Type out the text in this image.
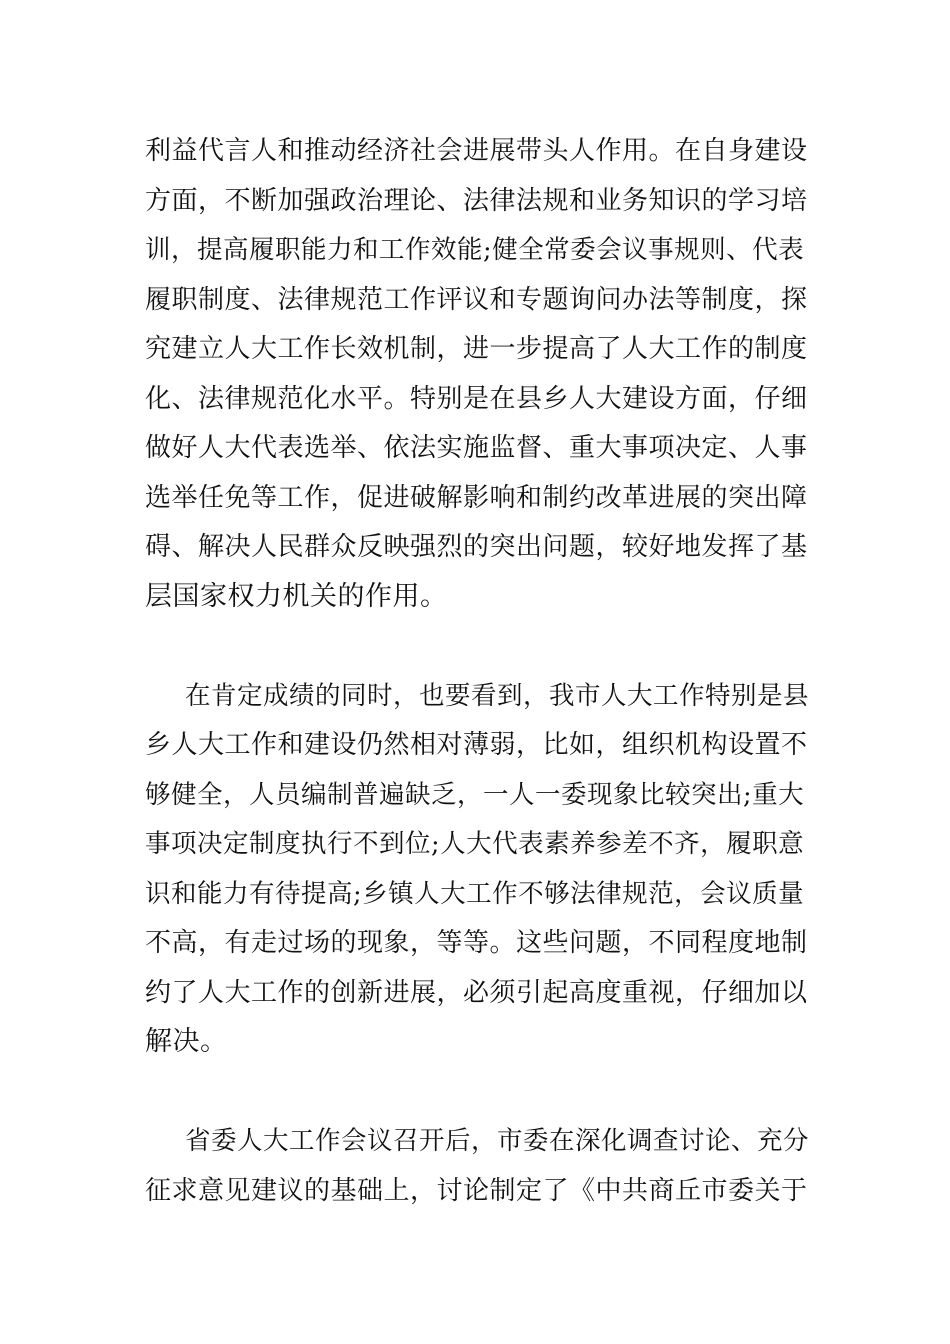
利益代言人和推动经济社会进展带头人作用。在自身建设
方面，不断加强政治理论、法律法规和业务知识的学习培
训，提高履职能力和工作效能;健全常委会议事规则、代表
履职制度、法律规范工作评议和专题询问办法等制度，探
究建立人大工作长效机制，进一步提高了人大工作的制度
化、法律规范化水平。特别是在县乡人大建设方面，仔细
做好人大代表选举、依法实施监督、重大事项决定、人事
选举任免等工作，促进破解影响和制约改革进展的突出障
碍、解决人民群众反映强烈的突出问题，较好地发挥了基
层国家权力机关的作用。
在肯定成绩的同时，也要看到，我市人大工作特别是县
乡人大工作和建设仍然相对薄弱，比如，组织机构设置不
够健全，人员编制普遍缺乏，一人一委现象比较突出;重大
事项决定制度执行不到位;人大代表素养参差不齐，履职意
识和能力有待提高;乡镇人大工作不够法律规范，会议质量
不高，有走过场的现象，等等。这些问题，不同程度地制
约了人大工作的创新进展，必须引起高度重视，仔细加以
解决。
省委人大工作会议召开后，市委在深化调查讨论、充分
征求意见建议的基础上，讨论制定了《中共商丘市委关于
